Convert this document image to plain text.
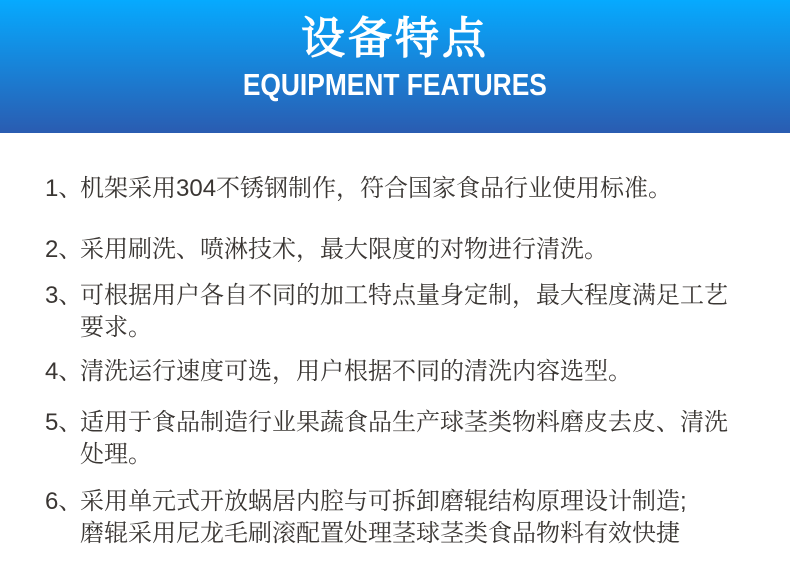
设备特点
EQUIPMENT FEATURES
1、
机架采用304不锈钢制作，符合国家食品行业使用标准。
2、
采用刷洗、喷淋技术，最大限度的对物进行清洗。
3、
可根据用户各自不同的加工特点量身定制，最大程度满足工艺
要求。
4、
清洗运行速度可选，用户根据不同的清洗内容选型。
5、
适用于食品制造行业果蔬食品生产球茎类物料磨皮去皮、清洗
处理。
6、
采用单元式开放蜗居内腔与可拆卸磨辊结构原理设计制造;
磨辊采用尼龙毛刷滚配置处理茎球茎类食品物料有效快捷
